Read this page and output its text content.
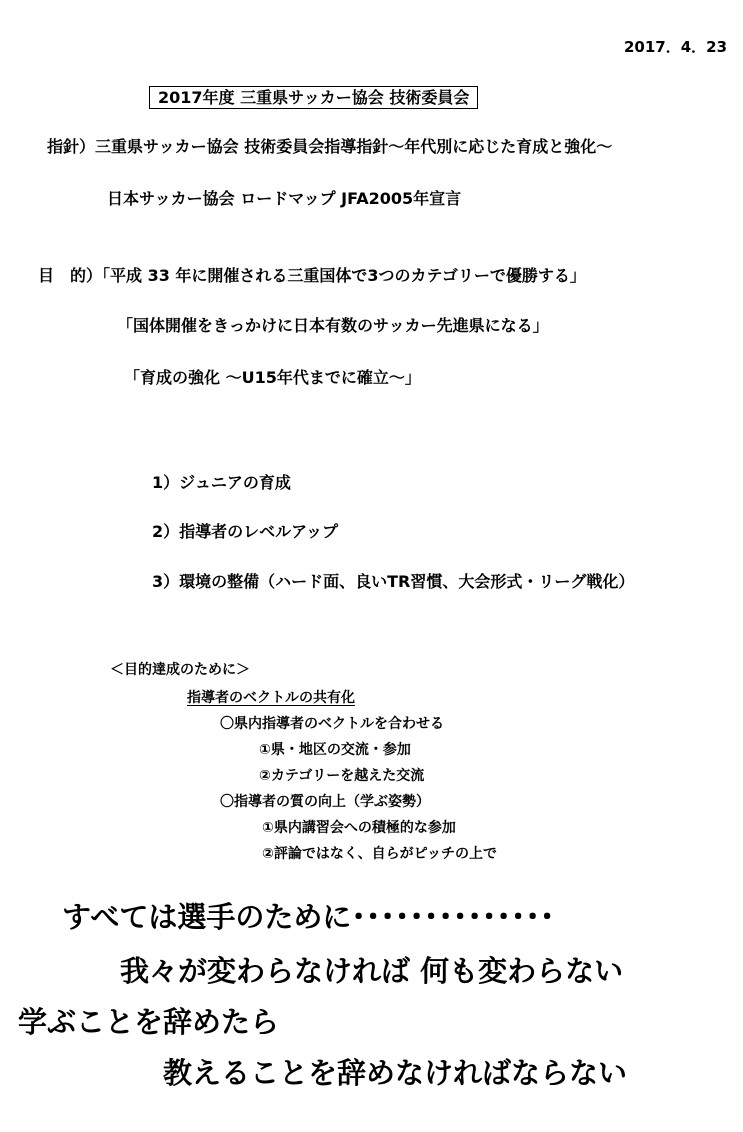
2017．4．23
2017年度 三重県サッカー協会 技術委員会
指針）三重県サッカー協会 技術委員会指導指針～年代別に応じた育成と強化～
日本サッカー協会 ロードマップ JFA2005年宣言
目　的）「平成 33 年に開催される三重国体で3つのカテゴリーで優勝する」
「国体開催をきっかけに日本有数のサッカー先進県になる」
「育成の強化 ～U15年代までに確立～」
1）ジュニアの育成
2）指導者のレベルアップ
3）環境の整備（ハード面、良いTR習慣、大会形式・リーグ戦化）
＜目的達成のために＞
指導者のベクトルの共有化
〇県内指導者のベクトルを合わせる
①県・地区の交流・参加
②カテゴリーを越えた交流
〇指導者の質の向上（学ぶ姿勢）
①県内講習会への積極的な参加
②評論ではなく、自らがピッチの上で
すべては選手のために･･････････････
我々が変わらなければ 何も変わらない
学ぶことを辞めたら
教えることを辞めなければならない
